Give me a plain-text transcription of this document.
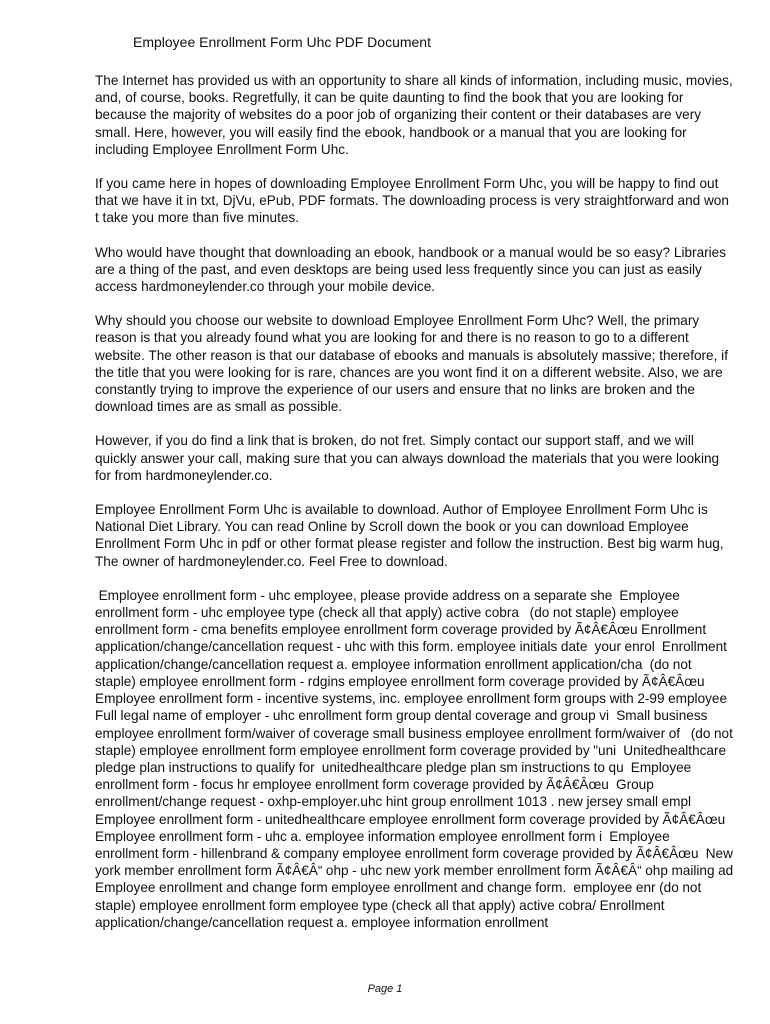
Employee Enrollment Form Uhc PDF Document

The Internet has provided us with an opportunity to share all kinds of information, including music, movies, and, of course, books. Regretfully, it can be quite daunting to find the book that you are looking for because the majority of websites do a poor job of organizing their content or their databases are very small. Here, however, you will easily find the ebook, handbook or a manual that you are looking for including Employee Enrollment Form Uhc.

If you came here in hopes of downloading Employee Enrollment Form Uhc, you will be happy to find out that we have it in txt, DjVu, ePub, PDF formats. The downloading process is very straightforward and won t take you more than five minutes.

Who would have thought that downloading an ebook, handbook or a manual would be so easy? Libraries are a thing of the past, and even desktops are being used less frequently since you can just as easily access hardmoneylender.co through your mobile device.

Why should you choose our website to download Employee Enrollment Form Uhc? Well, the primary reason is that you already found what you are looking for and there is no reason to go to a different website. The other reason is that our database of ebooks and manuals is absolutely massive; therefore, if the title that you were looking for is rare, chances are you wont find it on a different website. Also, we are constantly trying to improve the experience of our users and ensure that no links are broken and the download times are as small as possible.

However, if you do find a link that is broken, do not fret. Simply contact our support staff, and we will quickly answer your call, making sure that you can always download the materials that you were looking for from hardmoneylender.co.

Employee Enrollment Form Uhc is available to download. Author of Employee Enrollment Form Uhc is National Diet Library. You can read Online by Scroll down the book or you can download Employee Enrollment Form Uhc in pdf or other format please register and follow the instruction. Best big warm hug, The owner of hardmoneylender.co. Feel Free to download.

Employee enrollment form - uhc employee, please provide address on a separate she  Employee enrollment form - uhc employee type (check all that apply) active cobra   (do not staple) employee enrollment form - cma benefits employee enrollment form coverage provided by Ã¢Â€Âœu Enrollment application/change/cancellation request - uhc with this form. employee initials date  your enrol  Enrollment application/change/cancellation request a. employee information enrollment application/cha  (do not staple) employee enrollment form - rdgins employee enrollment form coverage provided by Ã¢Â€Âœu  Employee enrollment form - incentive systems, inc. employee enrollment form groups with 2-99 employee  Full legal name of employer - uhc enrollment form group dental coverage and group vi  Small business employee enrollment form/waiver of coverage small business employee enrollment form/waiver of   (do not staple) employee enrollment form employee enrollment form coverage provided by "uni  Unitedhealthcare pledge plan instructions to qualify for  unitedhealthcare pledge plan sm instructions to qu  Employee enrollment form - focus hr employee enrollment form coverage provided by Ã¢Â€Âœu  Group enrollment/change request - oxhp-employer.uhc hint group enrollment 1013 . new jersey small empl  Employee enrollment form - unitedhealthcare employee enrollment form coverage provided by Ã¢Â€Âœu  Employee enrollment form - uhc a. employee information employee enrollment form i  Employee enrollment form - hillenbrand & company employee enrollment form coverage provided by Ã¢Â€Âœu  New york member enrollment form Ã¢Â€Â“ ohp - uhc new york member enrollment form Ã¢Â€Â“ ohp mailing ad  Employee enrollment and change form employee enrollment and change form.  employee enr (do not staple) employee enrollment form employee type (check all that apply) active cobra/ Enrollment application/change/cancellation request a. employee information enrollment

Page 1
